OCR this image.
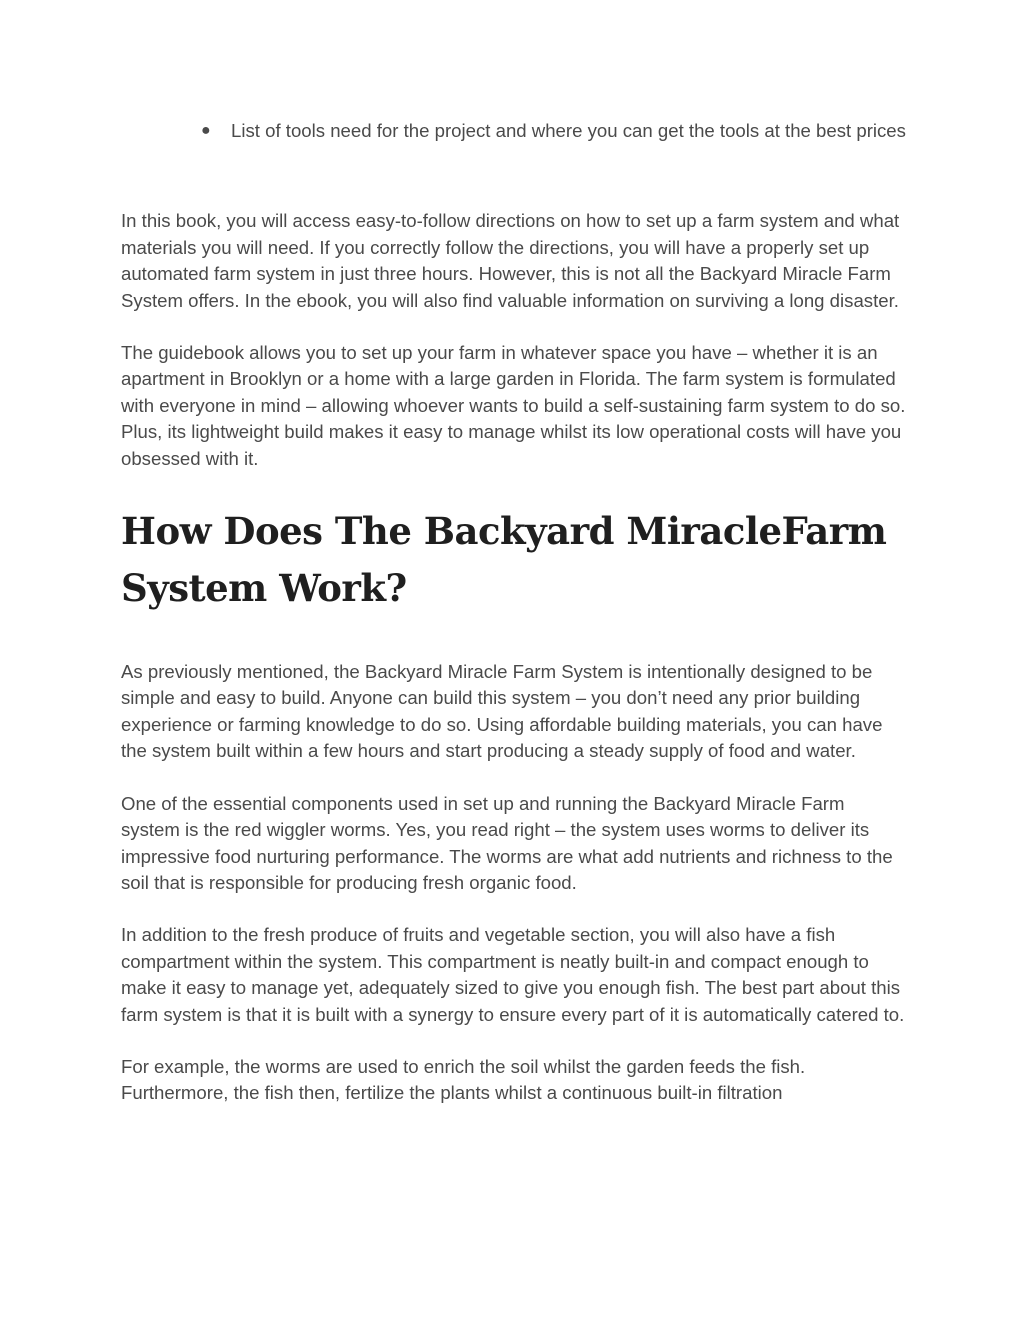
● List of tools need for the project and where you can get the tools at the best prices

In this book, you will access easy-to-follow directions on how to set up a farm system and what materials you will need. If you correctly follow the directions, you will have a properly set up automated farm system in just three hours. However, this is not all the Backyard Miracle Farm System offers. In the ebook, you will also find valuable information on surviving a long disaster.

The guidebook allows you to set up your farm in whatever space you have – whether it is an apartment in Brooklyn or a home with a large garden in Florida. The farm system is formulated with everyone in mind – allowing whoever wants to build a self-sustaining farm system to do so. Plus, its lightweight build makes it easy to manage whilst its low operational costs will have you obsessed with it.

How Does The Backyard MiracleFarm System Work?

As previously mentioned, the Backyard Miracle Farm System is intentionally designed to be simple and easy to build. Anyone can build this system – you don’t need any prior building experience or farming knowledge to do so. Using affordable building materials, you can have the system built within a few hours and start producing a steady supply of food and water.

One of the essential components used in set up and running the Backyard Miracle Farm system is the red wiggler worms. Yes, you read right – the system uses worms to deliver its impressive food nurturing performance. The worms are what add nutrients and richness to the soil that is responsible for producing fresh organic food.

In addition to the fresh produce of fruits and vegetable section, you will also have a fish compartment within the system. This compartment is neatly built-in and compact enough to make it easy to manage yet, adequately sized to give you enough fish. The best part about this farm system is that it is built with a synergy to ensure every part of it is automatically catered to.

For example, the worms are used to enrich the soil whilst the garden feeds the fish. Furthermore, the fish then, fertilize the plants whilst a continuous built-in filtration
